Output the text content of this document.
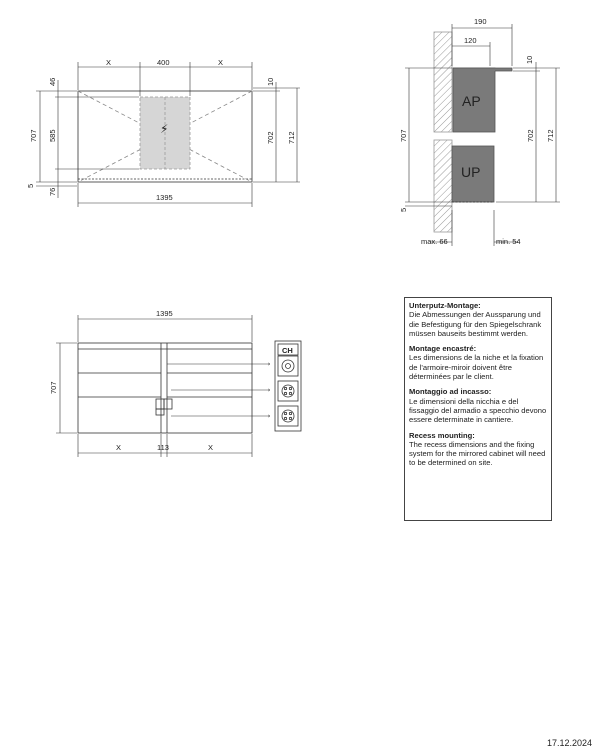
⚡
X	400	X
1395
46
707 585
5
76
10
702 712
AP
UP
190
120
10
702 712
707
5
max. 66	min. 54
CH
1395
707
X	113	X
Unterputz-Montage:

Die Abmessungen der Aussparung und die Befestigung für den Spiegelschrank müssen bauseits bestimmt werden.

Montage encastré:

Les dimensions de la niche et la fixation de l’armoire-miroir doivent être déterminées par le client.

Montaggio ad incasso:

Le dimensioni della nicchia e del fissaggio del armadio a specchio devono essere determinate in cantiere.

Recess mounting:

The recess dimensions and the fixing system for the mirrored cabinet will need to be determined on site.

17.12.2024
